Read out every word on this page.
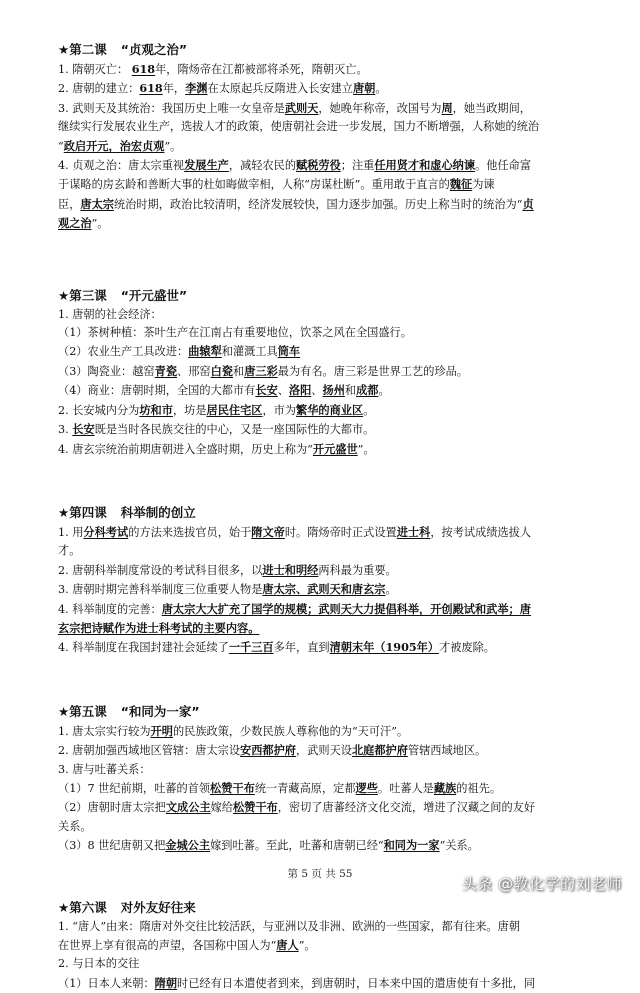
★第二课 “贞观之治”

1. 隋朝灭亡： 618年，隋炀帝在江都被部将杀死，隋朝灭亡。

2. 唐朝的建立：618年，李渊在太原起兵反隋进入长安建立唐朝。

3. 武则天及其统治：我国历史上唯一女皇帝是武则天，她晚年称帝，改国号为周，她当政期间，

继续实行发展农业生产，选拔人才的政策，使唐朝社会进一步发展，国力不断增强，人称她的统治

“政启开元，治宏贞观”。

4. 贞观之治：唐太宗重视发展生产，减轻农民的赋税劳役；注重任用贤才和虚心纳谏。他任命富

于谋略的房玄龄和善断大事的杜如晦做宰相，人称“房谋杜断”。重用敢于直言的魏征为谏

臣，唐太宗统治时期，政治比较清明，经济发展较快，国力逐步加强。历史上称当时的统治为“贞

观之治”。

★第三课 “开元盛世”

1. 唐朝的社会经济：

（1）茶树种植：茶叶生产在江南占有重要地位，饮茶之风在全国盛行。

（2）农业生产工具改进：曲辕犁和灌溉工具筒车

（3）陶瓷业：越窑青瓷、邢窑白瓷和唐三彩最为有名。唐三彩是世界工艺的珍品。

（4）商业：唐朝时期，全国的大都市有长安、洛阳、扬州和成都。

2. 长安城内分为坊和市，坊是居民住宅区，市为繁华的商业区。

3. 长安既是当时各民族交往的中心，又是一座国际性的大都市。

4. 唐玄宗统治前期唐朝进入全盛时期，历史上称为“开元盛世”。

★第四课 科举制的创立

1. 用分科考试的方法来选拔官员，始于隋文帝时。隋炀帝时正式设置进士科，按考试成绩选拔人

才。

2. 唐朝科举制度常设的考试科目很多，以进士和明经两科最为重要。

3. 唐朝时期完善科举制度三位重要人物是唐太宗、武则天和唐玄宗。

4. 科举制度的完善：唐太宗大大扩充了国学的规模；武则天大力提倡科举，开创殿试和武举；唐

玄宗把诗赋作为进士科考试的主要内容。

4. 科举制度在我国封建社会延续了一千三百多年，直到清朝末年（1905年）才被废除。

★第五课 “和同为一家”

1. 唐太宗实行较为开明的民族政策，少数民族人尊称他的为“天可汗”。

2. 唐朝加强西域地区管辖：唐太宗设安西都护府，武则天设北庭都护府管辖西域地区。

3. 唐与吐蕃关系：

（1）7 世纪前期，吐蕃的首领松赞干布统一青藏高原，定都逻些。吐蕃人是藏族的祖先。

（2）唐朝时唐太宗把文成公主嫁给松赞干布，密切了唐蕃经济文化交流，增进了汉藏之间的友好

关系。

（3）8 世纪唐朝又把金城公主嫁到吐蕃。至此，吐蕃和唐朝已经“和同为一家”关系。

★第六课 对外友好往来

1. “唐人”由来：隋唐对外交往比较活跃，与亚洲以及非洲、欧洲的一些国家，都有往来。唐朝

在世界上享有很高的声望，各国称中国人为“唐人”。

2. 与日本的交往

（1）日本人来朝：隋朝时已经有日本遣使者到来，到唐朝时，日本来中国的遣唐使有十多批，同

第 5 页 共 55
头条 @教化学的刘老师
